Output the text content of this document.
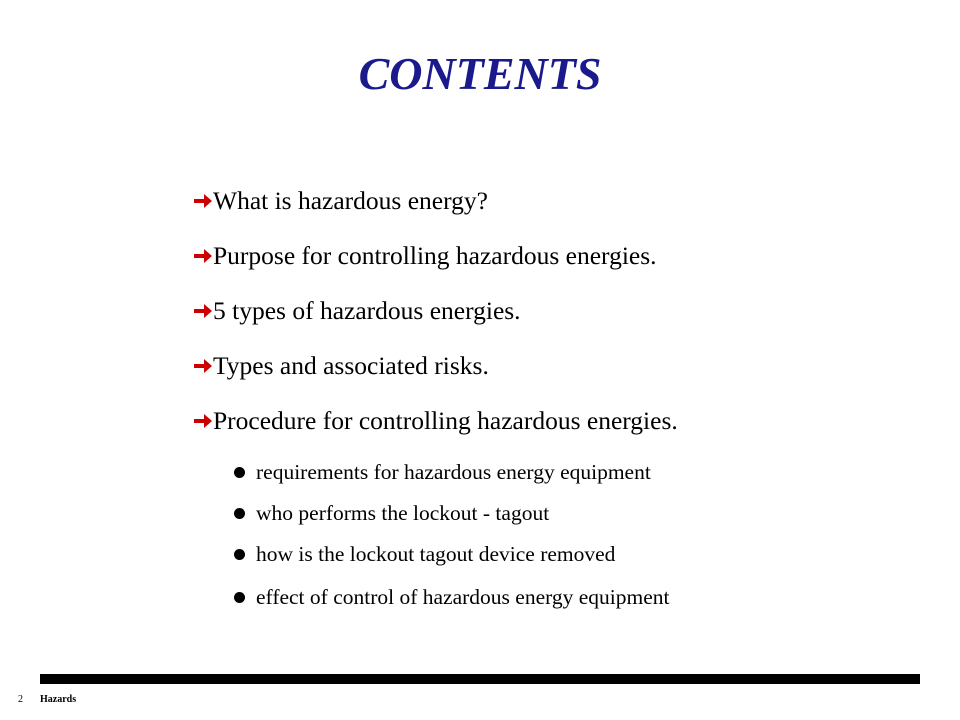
CONTENTS
What is hazardous energy?
Purpose for controlling hazardous energies.
5 types of hazardous energies.
Types and associated risks.
Procedure for controlling hazardous energies.
requirements for hazardous energy equipment
who performs the lockout - tagout
how is the lockout tagout device removed
effect of control of hazardous energy equipment
2 Hazards
